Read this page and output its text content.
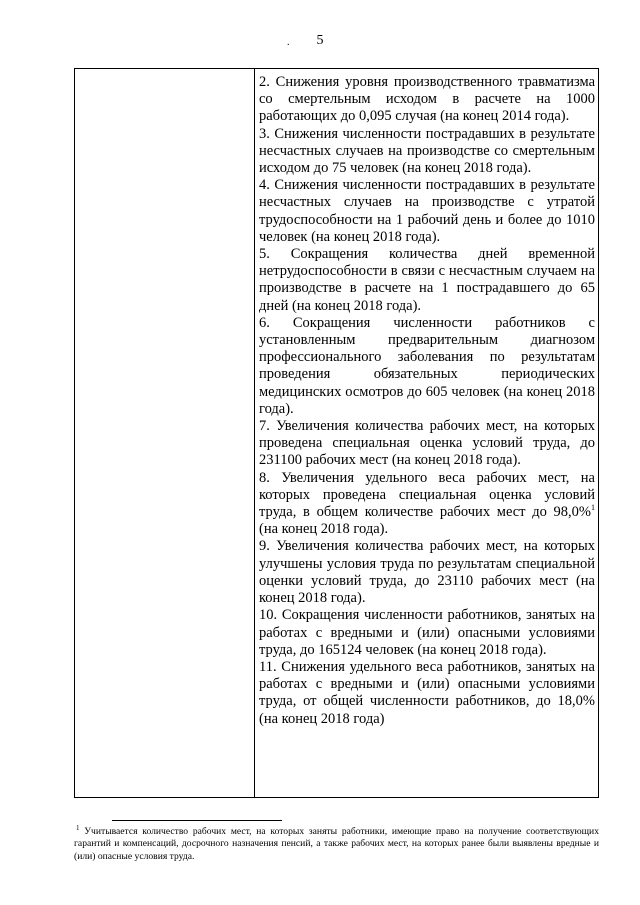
5
.
2. Снижения уровня производственного травматизма со смертельным исходом в расчете на 1000 работающих до 0,095 случая (на конец 2014 года).
3. Снижения численности пострадавших в результате несчастных случаев на производстве со смертельным исходом до 75 человек (на конец 2018 года).
4. Снижения численности пострадавших в результате несчастных случаев на производстве с утратой трудоспособности на 1 рабочий день и более до 1010 человек (на конец 2018 года).
5. Сокращения количества дней временной нетрудоспособности в связи с несчастным случаем на производстве в расчете на 1 пострадавшего до 65 дней (на конец 2018 года).
6. Сокращения численности работников с установленным предварительным диагнозом профессионального заболевания по результатам проведения обязательных периодических медицинских осмотров до 605 человек (на конец 2018 года).
7. Увеличения количества рабочих мест, на которых проведена специальная оценка условий труда, до 231100 рабочих мест (на конец 2018 года).
8. Увеличения удельного веса рабочих мест, на которых проведена специальная оценка условий труда, в общем количестве рабочих мест до 98,0%$^1$ (на конец 2018 года).
9. Увеличения количества рабочих мест, на которых улучшены условия труда по результатам специальной оценки условий труда, до 23110 рабочих мест (на конец 2018 года).
10. Сокращения численности работников, занятых на работах с вредными и (или) опасными условиями труда, до 165124 человек (на конец 2018 года).
11. Снижения удельного веса работников, занятых на работах с вредными и (или) опасными условиями труда, от общей численности работников, до 18,0% (на конец 2018 года)
$^1$ Учитывается количество рабочих мест, на которых заняты работники, имеющие право на получение соответствующих гарантий и компенсаций, досрочного назначения пенсий, а также рабочих мест, на которых ранее были выявлены вредные и (или) опасные условия труда.
